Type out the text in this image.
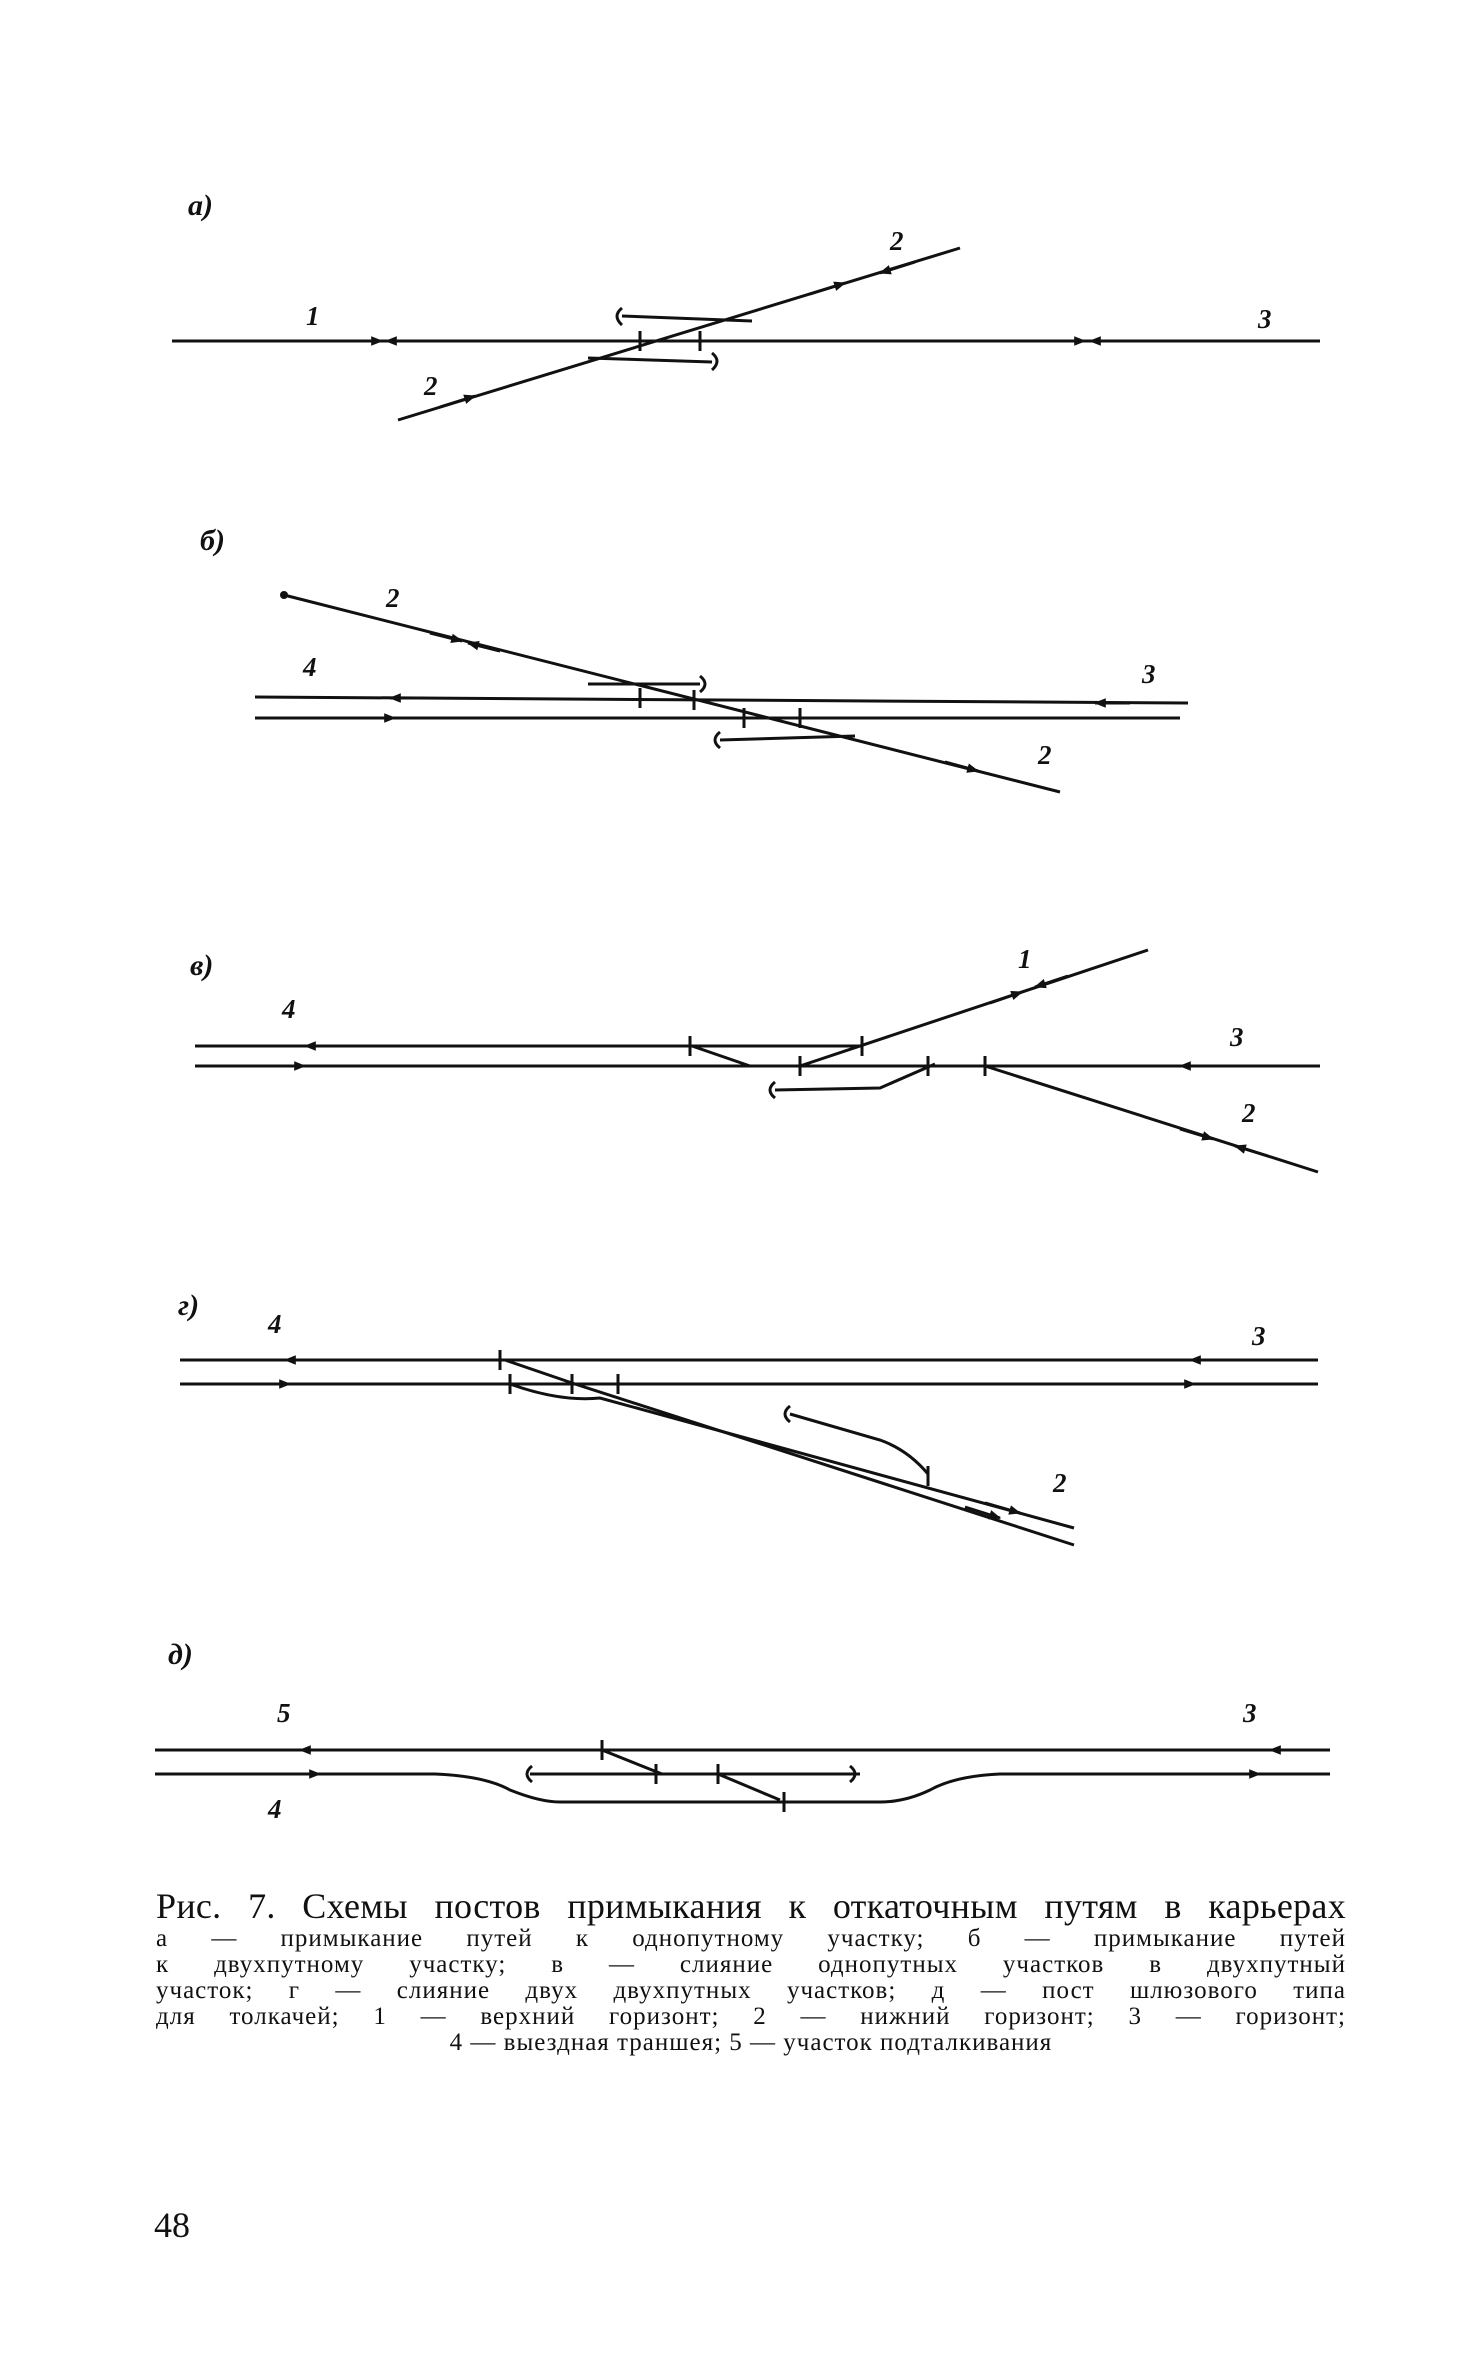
а)
1
2
2
3
б)
2
4	3
2
в)	1
4
3
2
г)
4	3
2
д)
5	3
4
Рис. 7. Схемы постов примыкания к откаточным путям в карьерах
а — примыкание путей к однопутному участку; б — примыкание путей
к двухпутному участку; в — слияние однопутных участков в двухпутный
участок; г — слияние двух двухпутных участков; д — пост шлюзового типа
для толкачей; 1 — верхний горизонт; 2 — нижний горизонт; 3 — горизонт;
4 — выездная траншея; 5 — участок подталкивания
48
